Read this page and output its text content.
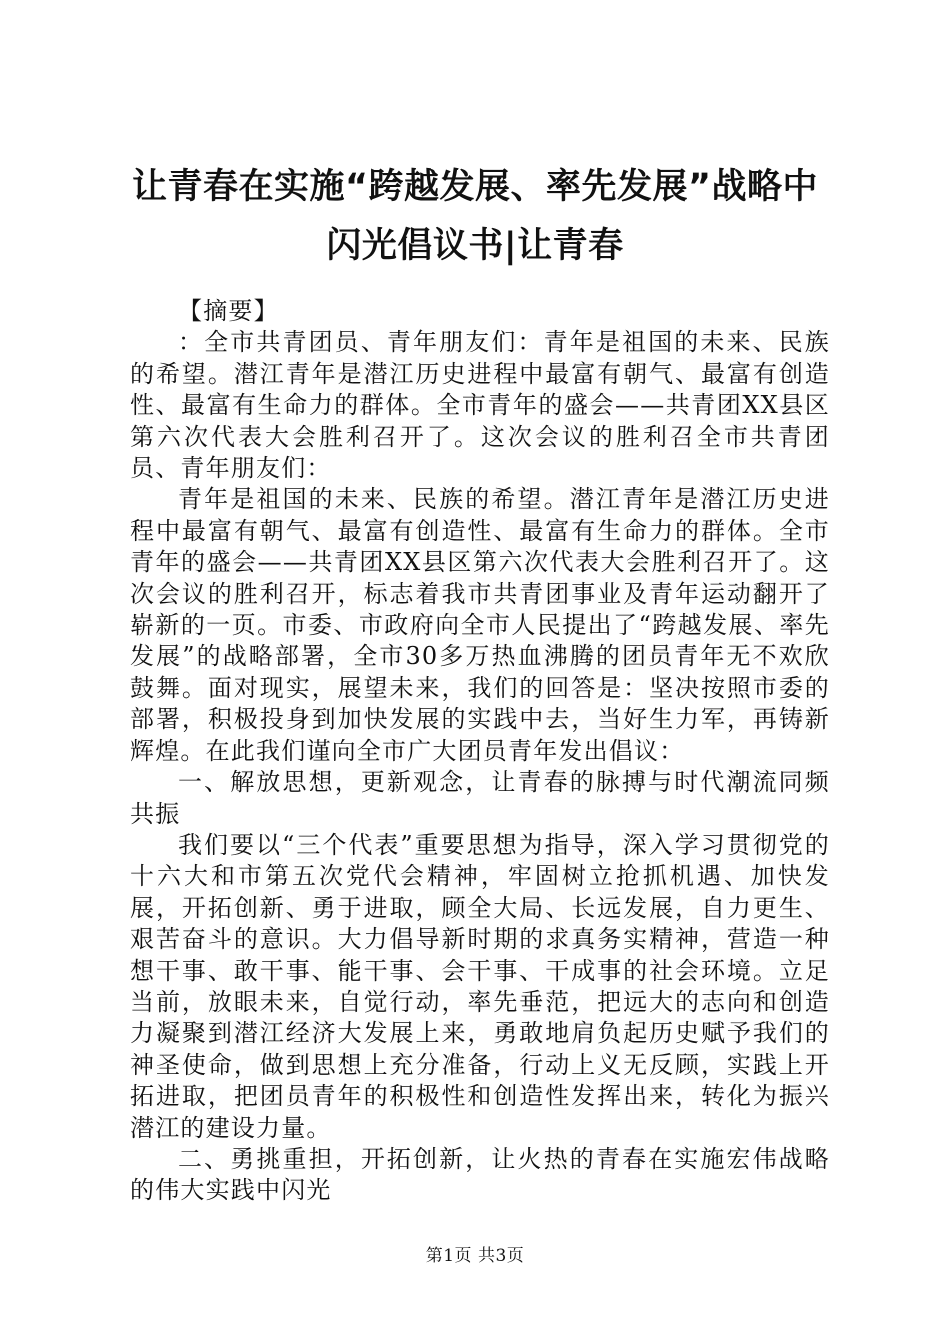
让青春在实施“跨越发展、率先发展”战略中
闪光倡议书|让青春

【摘要】

：全市共青团员、青年朋友们：青年是祖国的未来、民族的希望。潜江青年是潜江历史进程中最富有朝气、最富有创造性、最富有生命力的群体。全市青年的盛会——共青团XX县区第六次代表大会胜利召开了。这次会议的胜利召全市共青团员、青年朋友们：

青年是祖国的未来、民族的希望。潜江青年是潜江历史进程中最富有朝气、最富有创造性、最富有生命力的群体。全市青年的盛会——共青团XX县区第六次代表大会胜利召开了。这次会议的胜利召开，标志着我市共青团事业及青年运动翻开了崭新的一页。市委、市政府向全市人民提出了“跨越发展、率先发展”的战略部署，全市30多万热血沸腾的团员青年无不欢欣鼓舞。面对现实，展望未来，我们的回答是：坚决按照市委的部署，积极投身到加快发展的实践中去，当好生力军，再铸新辉煌。在此我们谨向全市广大团员青年发出倡议：

一、解放思想，更新观念，让青春的脉搏与时代潮流同频共振

我们要以“三个代表”重要思想为指导，深入学习贯彻党的十六大和市第五次党代会精神，牢固树立抢抓机遇、加快发展，开拓创新、勇于进取，顾全大局、长远发展，自力更生、艰苦奋斗的意识。大力倡导新时期的求真务实精神，营造一种想干事、敢干事、能干事、会干事、干成事的社会环境。立足当前，放眼未来，自觉行动，率先垂范，把远大的志向和创造力凝聚到潜江经济大发展上来，勇敢地肩负起历史赋予我们的神圣使命，做到思想上充分准备，行动上义无反顾，实践上开拓进取，把团员青年的积极性和创造性发挥出来，转化为振兴潜江的建设力量。

二、勇挑重担，开拓创新，让火热的青春在实施宏伟战略的伟大实践中闪光

第1页 共3页
